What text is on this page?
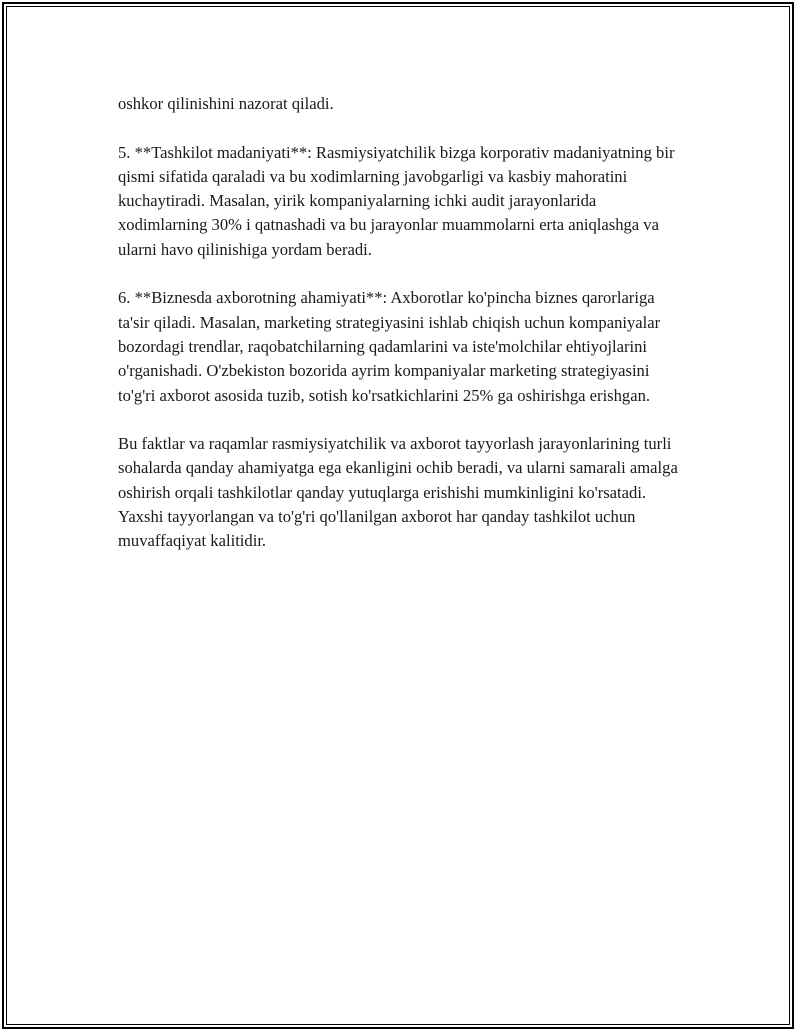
oshkor qilinishini nazorat qiladi.

5. **Tashkilot madaniyati**: Rasmiysiyatchilik bizga korporativ madaniyatning bir qismi sifatida qaraladi va bu xodimlarning javobgarligi va kasbiy mahoratini kuchaytiradi. Masalan, yirik kompaniyalarning ichki audit jarayonlarida xodimlarning 30% i qatnashadi va bu jarayonlar muammolarni erta aniqlashga va ularni havo qilinishiga yordam beradi.

6. **Biznesda axborotning ahamiyati**: Axborotlar ko'pincha biznes qarorlariga ta'sir qiladi. Masalan, marketing strategiyasini ishlab chiqish uchun kompaniyalar bozordagi trendlar, raqobatchilarning qadamlarini va iste'molchilar ehtiyojlarini o'rganishadi. O'zbekiston bozorida ayrim kompaniyalar marketing strategiyasini to'g'ri axborot asosida tuzib, sotish ko'rsatkichlarini 25% ga oshirishga erishgan.

Bu faktlar va raqamlar rasmiysiyatchilik va axborot tayyorlash jarayonlarining turli sohalarda qanday ahamiyatga ega ekanligini ochib beradi, va ularni samarali amalga oshirish orqali tashkilotlar qanday yutuqlarga erishishi mumkinligini ko'rsatadi. Yaxshi tayyorlangan va to'g'ri qo'llanilgan axborot har qanday tashkilot uchun muvaffaqiyat kalitidir.
